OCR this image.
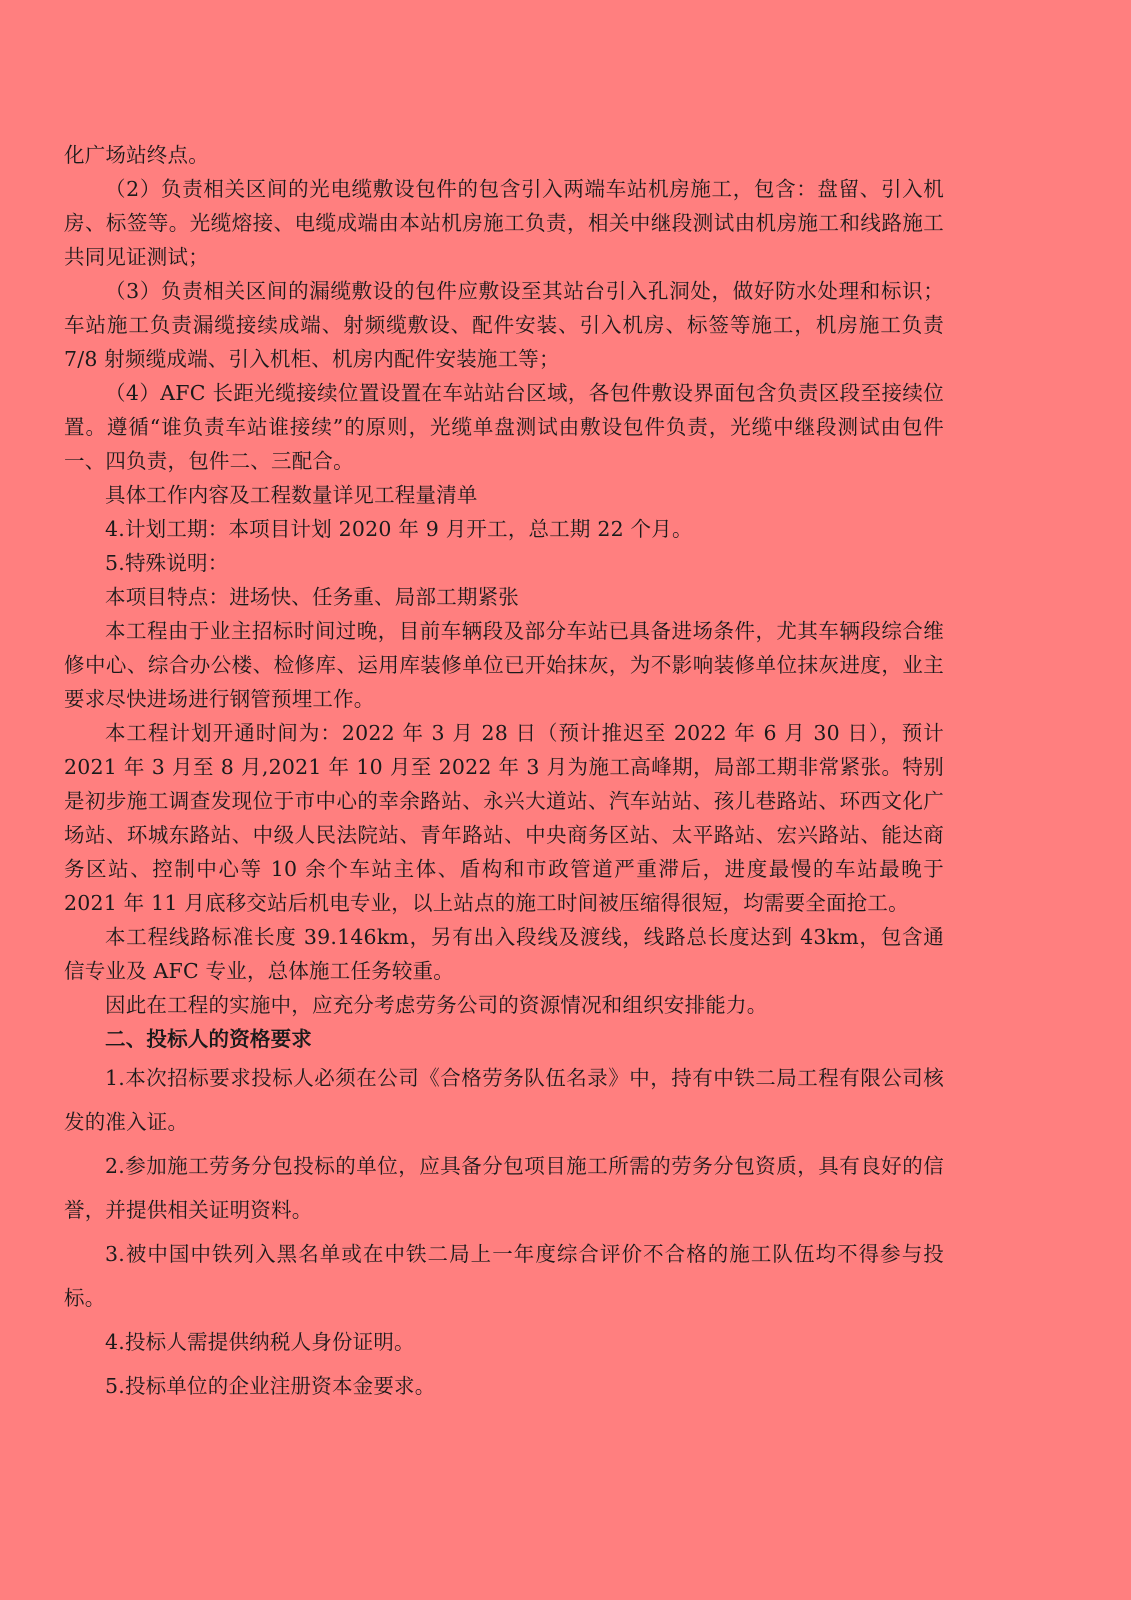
化广场站终点。

（2）负责相关区间的光电缆敷设包件的包含引入两端车站机房施工，包含：盘留、引入机房、标签等。光缆熔接、电缆成端由本站机房施工负责，相关中继段测试由机房施工和线路施工共同见证测试；

（3）负责相关区间的漏缆敷设的包件应敷设至其站台引入孔洞处，做好防水处理和标识；车站施工负责漏缆接续成端、射频缆敷设、配件安装、引入机房、标签等施工，机房施工负责 7/8 射频缆成端、引入机柜、机房内配件安装施工等；

（4）AFC 长距光缆接续位置设置在车站站台区域，各包件敷设界面包含负责区段至接续位置。遵循“谁负责车站谁接续”的原则，光缆单盘测试由敷设包件负责，光缆中继段测试由包件一、四负责，包件二、三配合。

具体工作内容及工程数量详见工程量清单

4.计划工期：本项目计划 2020 年 9 月开工，总工期 22 个月。

5.特殊说明：

本项目特点：进场快、任务重、局部工期紧张

本工程由于业主招标时间过晚，目前车辆段及部分车站已具备进场条件，尤其车辆段综合维修中心、综合办公楼、检修库、运用库装修单位已开始抹灰，为不影响装修单位抹灰进度，业主要求尽快进场进行钢管预埋工作。

本工程计划开通时间为：2022 年 3 月 28 日（预计推迟至 2022 年 6 月 30 日），预计 2021 年 3 月至 8 月,2021 年 10 月至 2022 年 3 月为施工高峰期，局部工期非常紧张。特别是初步施工调查发现位于市中心的幸余路站、永兴大道站、汽车站站、孩儿巷路站、环西文化广场站、环城东路站、中级人民法院站、青年路站、中央商务区站、太平路站、宏兴路站、能达商务区站、控制中心等 10 余个车站主体、盾构和市政管道严重滞后，进度最慢的车站最晚于 2021 年 11 月底移交站后机电专业，以上站点的施工时间被压缩得很短，均需要全面抢工。

本工程线路标准长度 39.146km，另有出入段线及渡线，线路总长度达到 43km，包含通信专业及 AFC 专业，总体施工任务较重。

因此在工程的实施中，应充分考虑劳务公司的资源情况和组织安排能力。

二、投标人的资格要求

1.本次招标要求投标人必须在公司《合格劳务队伍名录》中，持有中铁二局工程有限公司核发的准入证。

2.参加施工劳务分包投标的单位，应具备分包项目施工所需的劳务分包资质，具有良好的信誉，并提供相关证明资料。

3.被中国中铁列入黑名单或在中铁二局上一年度综合评价不合格的施工队伍均不得参与投标。

4.投标人需提供纳税人身份证明。

5.投标单位的企业注册资本金要求。
